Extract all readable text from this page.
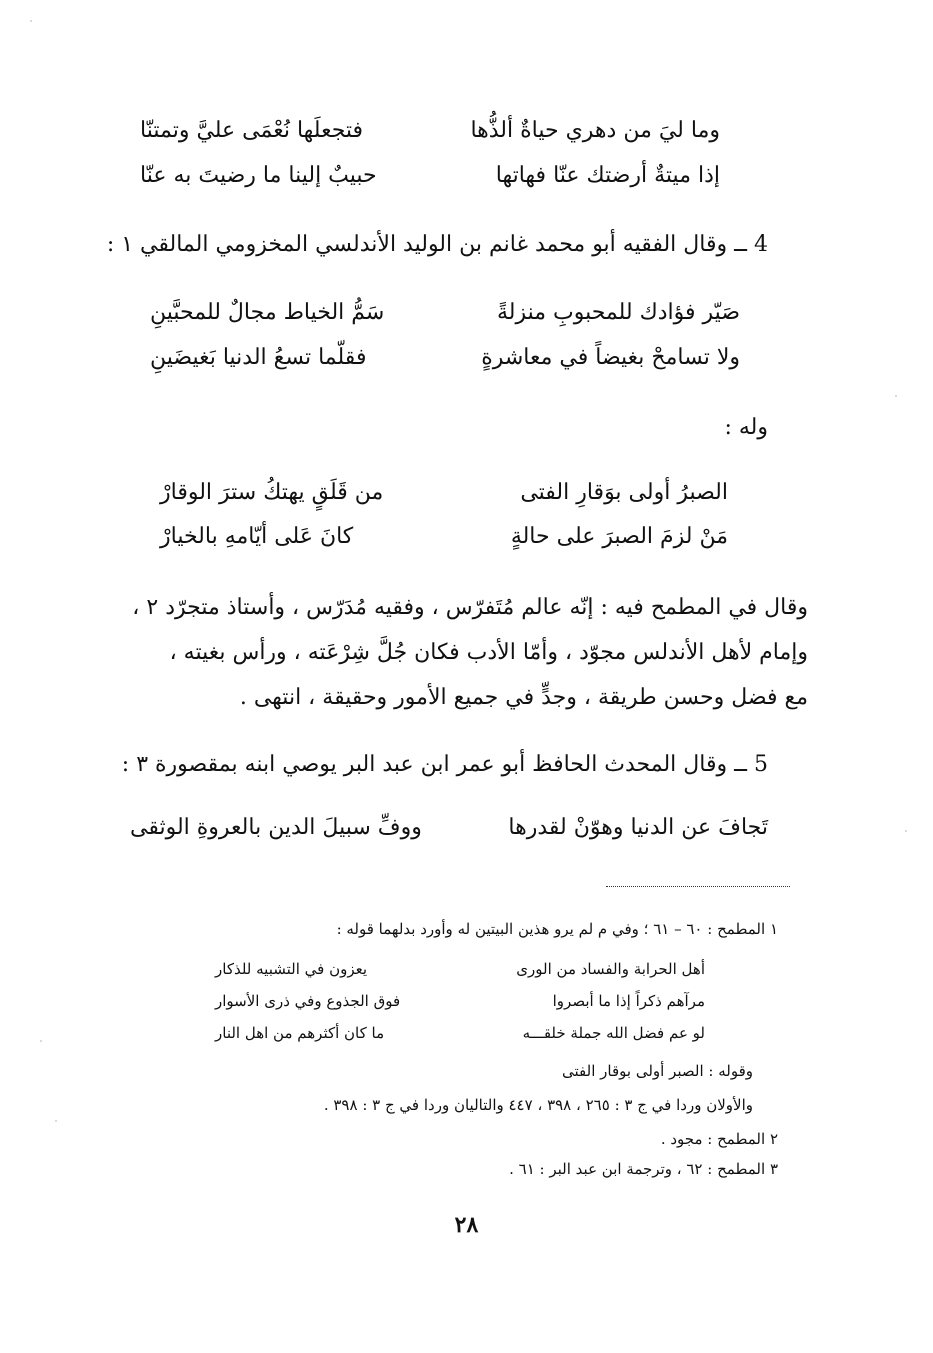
وما ليَ من دهري حياةٌ ألذُّها
فتجعلَها نُعْمَى عليَّ وتمتنّا
إذا ميتةٌ أرضتك عنّا فهاتها
حبيبٌ إلينا ما رضيتَ به عنّا
4 ــ وقال الفقيه أبو محمد غانم بن الوليد الأندلسي المخزومي المالقي ١ :
صَيّر فؤادك للمحبوبِ منزلةً
سَمُّ الخياط مجالٌ للمحبَّينِ
ولا تسامحْ بغيضاً في معاشرةٍ
فقلّما تسعُ الدنيا بَغيضَينِ
وله :
الصبرُ أولى بوَقارِ الفتى
من قَلَقٍ يهتكُ سترَ الوقارْ
مَنْ لزمَ الصبرَ على حالةٍ
كانَ عَلى أيّامهِ بالخيارْ
وقال في المطمح فيه : إنّه عالم مُتَفرّس ، وفقيه مُدَرّس ، وأستاذ متجرّد ٢ ،
وإمام لأهل الأندلس مجوّد ، وأمّا الأدب فكان جُلَّ شِرْعَته ، ورأس بغيته ،
مع فضل وحسن طريقة ، وجدٍّ في جميع الأمور وحقيقة ، انتهى .
5 ــ وقال المحدث الحافظ أبو عمر ابن عبد البر يوصي ابنه بمقصورة ٣ :
تَجافَ عن الدنيا وهوّنْ لقدرها
ووفِّ سبيلَ الدين بالعروةِ الوثقى
١ المطمح : ٦٠ – ٦١ ؛ وفي م لم يرو هذين البيتين له وأورد بدلهما قوله :
أهل الحرابة والفساد من الورى
يعزون في التشبيه للذكار
مرآهم ذكراً إذا ما أبصروا
فوق الجذوع وفي ذرى الأسوار
لو عم فضل الله جملة خلقـــه
ما كان أكثرهم من اهل النار
وقوله : الصبر أولى بوقار الفتى
والأولان وردا في ج ٣ : ٢٦٥ ، ٣٩٨ ، ٤٤٧ والتاليان وردا في ج ٣ : ٣٩٨ .
٢ المطمح : مجود .
٣ المطمح : ٦٢ ، وترجمة ابن عبد البر : ٦١ .
٢٨
